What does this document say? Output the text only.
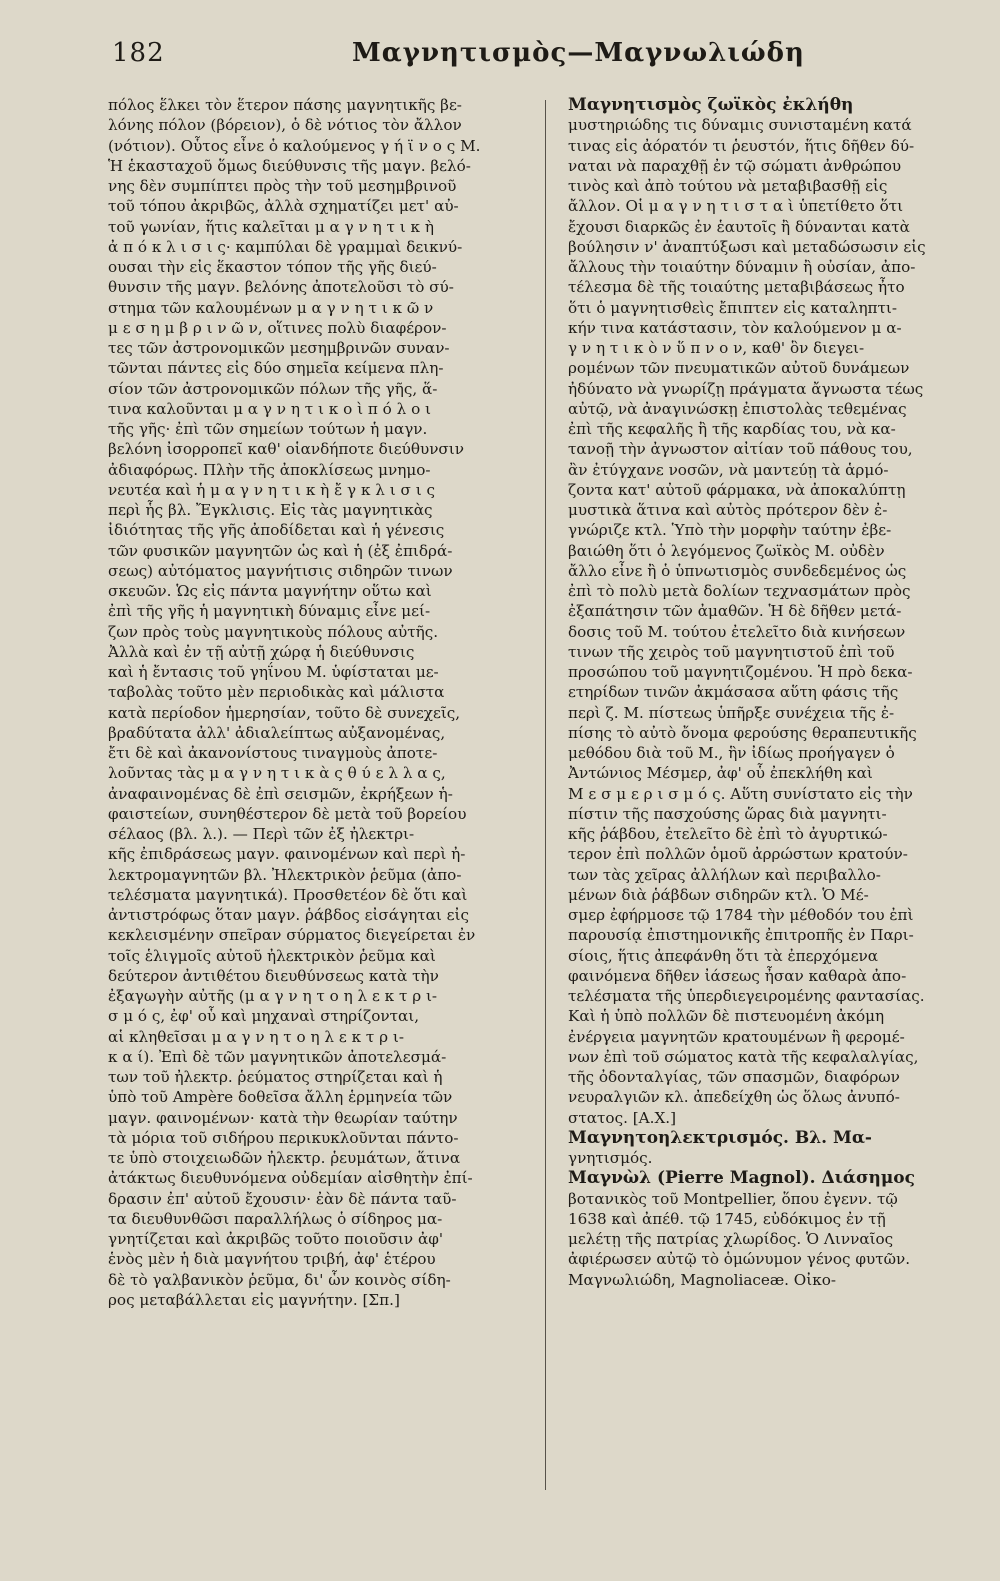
182	Μαγνητισμὸς—Μαγνωλιώδη
πόλος ἕλκει τὸν ἕτερον πάσης μαγνητικῆς βε-
λόνης πόλον (βόρειον), ὁ δὲ νότιος τὸν ἄλλον
(νότιον). Οὗτος εἶνε ὁ καλούμενος γ ή ϊ ν ο ς Μ.
Ἡ ἑκασταχοῦ ὅμως διεύθυνσις τῆς μαγν. βελό-
νης δὲν συμπίπτει πρὸς τὴν τοῦ μεσημβρινοῦ
τοῦ τόπου ἀκριβῶς, ἀλλὰ σχηματίζει μετ' αὐ-
τοῦ γωνίαν, ἥτις καλεῖται μ α γ ν η τ ι κ ὴ
ἀ π ό κ λ ι σ ι ς· καμπύλαι δὲ γραμμαὶ δεικνύ-
ουσαι τὴν εἰς ἕκαστον τόπον τῆς γῆς διεύ-
θυνσιν τῆς μαγν. βελόνης ἀποτελοῦσι τὸ σύ-
στημα τῶν καλουμένων μ α γ ν η τ ι κ ῶ ν
μ ε σ η μ β ρ ι ν ῶ ν, οἵτινες πολὺ διαφέρον-
τες τῶν ἀστρονομικῶν μεσημβρινῶν συναν-
τῶνται πάντες εἰς δύο σημεῖα κείμενα πλη-
σίον τῶν ἀστρονομικῶν πόλων τῆς γῆς, ἅ-
τινα καλοῦνται μ α γ ν η τ ι κ ο ὶ π ό λ ο ι
τῆς γῆς· ἐπὶ τῶν σημείων τούτων ἡ μαγν.
βελόνη ἰσορροπεῖ καθ' οἱανδήποτε διεύθυνσιν
ἀδιαφόρως. Πλὴν τῆς ἀποκλίσεως μνημο-
νευτέα καὶ ἡ μ α γ ν η τ ι κ ὴ ἔ γ κ λ ι σ ι ς
περὶ ἧς βλ. Ἔγκλισις. Εἰς τὰς μαγνητικὰς
ἰδιότητας τῆς γῆς ἀποδίδεται καὶ ἡ γένεσις
τῶν φυσικῶν μαγνητῶν ὡς καὶ ἡ (ἐξ ἐπιδρά-
σεως) αὐτόματος μαγνήτισις σιδηρῶν τινων
σκευῶν. Ὡς εἰς πάντα μαγνήτην οὕτω καὶ
ἐπὶ τῆς γῆς ἡ μαγνητικὴ δύναμις εἶνε μεί-
ζων πρὸς τοὺς μαγνητικοὺς πόλους αὐτῆς.
Ἀλλὰ καὶ ἐν τῇ αὐτῇ χώρᾳ ἡ διεύθυνσις
καὶ ἡ ἔντασις τοῦ γηΐνου Μ. ὑφίσταται με-
ταβολὰς τοῦτο μὲν περιοδικὰς καὶ μάλιστα
κατὰ περίοδον ἡμερησίαν, τοῦτο δὲ συνεχεῖς,
βραδύτατα ἀλλ' ἀδιαλείπτως αὐξανομένας,
ἔτι δὲ καὶ ἀκανονίστους τιναγμοὺς ἀποτε-
λοῦντας τὰς μ α γ ν η τ ι κ ὰ ς θ ύ ε λ λ α ς,
ἀναφαινομένας δὲ ἐπὶ σεισμῶν, ἐκρήξεων ἡ-
φαιστείων, συνηθέστερον δὲ μετὰ τοῦ βορείου
σέλαος (βλ. λ.). — Περὶ τῶν ἐξ ἠλεκτρι-
κῆς ἐπιδράσεως μαγν. φαινομένων καὶ περὶ ἠ-
λεκτρομαγνητῶν βλ. Ἠλεκτρικὸν ῥεῦμα (ἀπο-
τελέσματα μαγνητικά). Προσθετέον δὲ ὅτι καὶ
ἀντιστρόφως ὅταν μαγν. ῥάβδος εἰσάγηται εἰς
κεκλεισμένην σπεῖραν σύρματος διεγείρεται ἐν
τοῖς ἑλιγμοῖς αὐτοῦ ἠλεκτρικὸν ῥεῦμα καὶ
δεύτερον ἀντιθέτου διευθύνσεως κατὰ τὴν
ἐξαγωγὴν αὐτῆς (μ α γ ν η τ ο η λ ε κ τ ρ ι-
σ μ ό ς, ἐφ' οὗ καὶ μηχαναὶ στηρίζονται,
αἱ κληθεῖσαι μ α γ ν η τ ο η λ ε κ τ ρ ι-
κ α ί). Ἐπὶ δὲ τῶν μαγνητικῶν ἀποτελεσμά-
των τοῦ ἠλεκτρ. ῥεύματος στηρίζεται καὶ ἡ
ὑπὸ τοῦ Ampère δοθεῖσα ἄλλη ἑρμηνεία τῶν
μαγν. φαινομένων· κατὰ τὴν θεωρίαν ταύτην
τὰ μόρια τοῦ σιδήρου περικυκλοῦνται πάντο-
τε ὑπὸ στοιχειωδῶν ἠλεκτρ. ῥευμάτων, ἅτινα
ἀτάκτως διευθυνόμενα οὐδεμίαν αἰσθητὴν ἐπί-
δρασιν ἐπ' αὐτοῦ ἔχουσιν· ἐὰν δὲ πάντα ταῦ-
τα διευθυνθῶσι παραλλήλως ὁ σίδηρος μα-
γνητίζεται καὶ ἀκριβῶς τοῦτο ποιοῦσιν ἀφ'
ἑνὸς μὲν ἡ διὰ μαγνήτου τριβή, ἀφ' ἑτέρου
δὲ τὸ γαλβανικὸν ῥεῦμα, δι' ὧν κοινὸς σίδη-
ρος μεταβάλλεται εἰς μαγνήτην. [Σπ.]
Μαγνητισμὸς ζωϊκὸς ἐκλήθη
μυστηριώδης τις δύναμις συνισταμένη κατά
τινας εἰς ἀόρατόν τι ῥευστόν, ἥτις δῆθεν δύ-
ναται νὰ παραχθῇ ἐν τῷ σώματι ἀνθρώπου
τινὸς καὶ ἀπὸ τούτου νὰ μεταβιβασθῇ εἰς
ἄλλον. Οἱ μ α γ ν η τ ι σ τ α ὶ ὑπετίθετο ὅτι
ἔχουσι διαρκῶς ἐν ἑαυτοῖς ἢ δύνανται κατὰ
βούλησιν ν' ἀναπτύξωσι καὶ μεταδώσωσιν εἰς
ἄλλους τὴν τοιαύτην δύναμιν ἢ οὐσίαν, ἀπο-
τέλεσμα δὲ τῆς τοιαύτης μεταβιβάσεως ἦτο
ὅτι ὁ μαγνητισθεὶς ἔπιπτεν εἰς καταληπτι-
κήν τινα κατάστασιν, τὸν καλούμενον μ α-
γ ν η τ ι κ ὸ ν ὕ π ν ο ν, καθ' ὃν διεγει-
ρομένων τῶν πνευματικῶν αὐτοῦ δυνάμεων
ἠδύνατο νὰ γνωρίζῃ πράγματα ἄγνωστα τέως
αὐτῷ, νὰ ἀναγινώσκῃ ἐπιστολὰς τεθεμένας
ἐπὶ τῆς κεφαλῆς ἢ τῆς καρδίας του, νὰ κα-
τανοῇ τὴν ἀγνωστον αἰτίαν τοῦ πάθους του,
ἂν ἐτύγχανε νοσῶν, νὰ μαντεύῃ τὰ ἁρμό-
ζοντα κατ' αὐτοῦ φάρμακα, νὰ ἀποκαλύπτῃ
μυστικὰ ἅτινα καὶ αὐτὸς πρότερον δὲν ἐ-
γνώριζε κτλ. Ὑπὸ τὴν μορφὴν ταύτην ἐβε-
βαιώθη ὅτι ὁ λεγόμενος ζωϊκὸς Μ. οὐδὲν
ἄλλο εἶνε ἢ ὁ ὑπνωτισμὸς συνδεδεμένος ὡς
ἐπὶ τὸ πολὺ μετὰ δολίων τεχνασμάτων πρὸς
ἐξαπάτησιν τῶν ἀμαθῶν. Ἡ δὲ δῆθεν μετά-
δοσις τοῦ Μ. τούτου ἐτελεῖτο διὰ κινήσεων
τινων τῆς χειρὸς τοῦ μαγνητιστοῦ ἐπὶ τοῦ
προσώπου τοῦ μαγνητιζομένου. Ἡ πρὸ δεκα-
ετηρίδων τινῶν ἀκμάσασα αὕτη φάσις τῆς
περὶ ζ. Μ. πίστεως ὑπῆρξε συνέχεια τῆς ἐ-
πίσης τὸ αὐτὸ ὄνομα φερούσης θεραπευτικῆς
μεθόδου διὰ τοῦ Μ., ἣν ἰδίως προήγαγεν ὁ
Ἀντώνιος Μέσμερ, ἀφ' οὗ ἐπεκλήθη καὶ
Μ ε σ μ ε ρ ι σ μ ό ς. Αὕτη συνίστατο εἰς τὴν
πίστιν τῆς πασχούσης ὥρας διὰ μαγνητι-
κῆς ῥάβδου, ἐτελεῖτο δὲ ἐπὶ τὸ ἀγυρτικώ-
τερον ἐπὶ πολλῶν ὁμοῦ ἀρρώστων κρατούν-
των τὰς χεῖρας ἀλλήλων καὶ περιβαλλο-
μένων διὰ ῥάβδων σιδηρῶν κτλ. Ὁ Μέ-
σμερ ἐφήρμοσε τῷ 1784 τὴν μέθοδόν του ἐπὶ
παρουσίᾳ ἐπιστημονικῆς ἐπιτροπῆς ἐν Παρι-
σίοις, ἥτις ἀπεφάνθη ὅτι τὰ ἐπερχόμενα
φαινόμενα δῆθεν ἰάσεως ἦσαν καθαρὰ ἀπο-
τελέσματα τῆς ὑπερδιεγειρομένης φαντασίας.
Καὶ ἡ ὑπὸ πολλῶν δὲ πιστευομένη ἀκόμη
ἐνέργεια μαγνητῶν κρατουμένων ἢ φερομέ-
νων ἐπὶ τοῦ σώματος κατὰ τῆς κεφαλαλγίας,
τῆς ὀδονταλγίας, τῶν σπασμῶν, διαφόρων
νευραλγιῶν κλ. ἀπεδείχθη ὡς ὅλως ἀνυπό-
στατος. [Α.Χ.]
Μαγνητοηλεκτρισμός. Βλ. Μα-
γνητισμός.
Μαγνὼλ (Pierre Magnol). Διάσημος
βοτανικὸς τοῦ Montpellier, ὅπου ἐγενν. τῷ
1638 καὶ ἀπέθ. τῷ 1745, εὐδόκιμος ἐν τῇ
μελέτῃ τῆς πατρίας χλωρίδος. Ὁ Λινναῖος
ἀφιέρωσεν αὐτῷ τὸ ὁμώνυμον γένος φυτῶν.
Μαγνωλιώδη, Magnoliaceæ. Οἰκο-
